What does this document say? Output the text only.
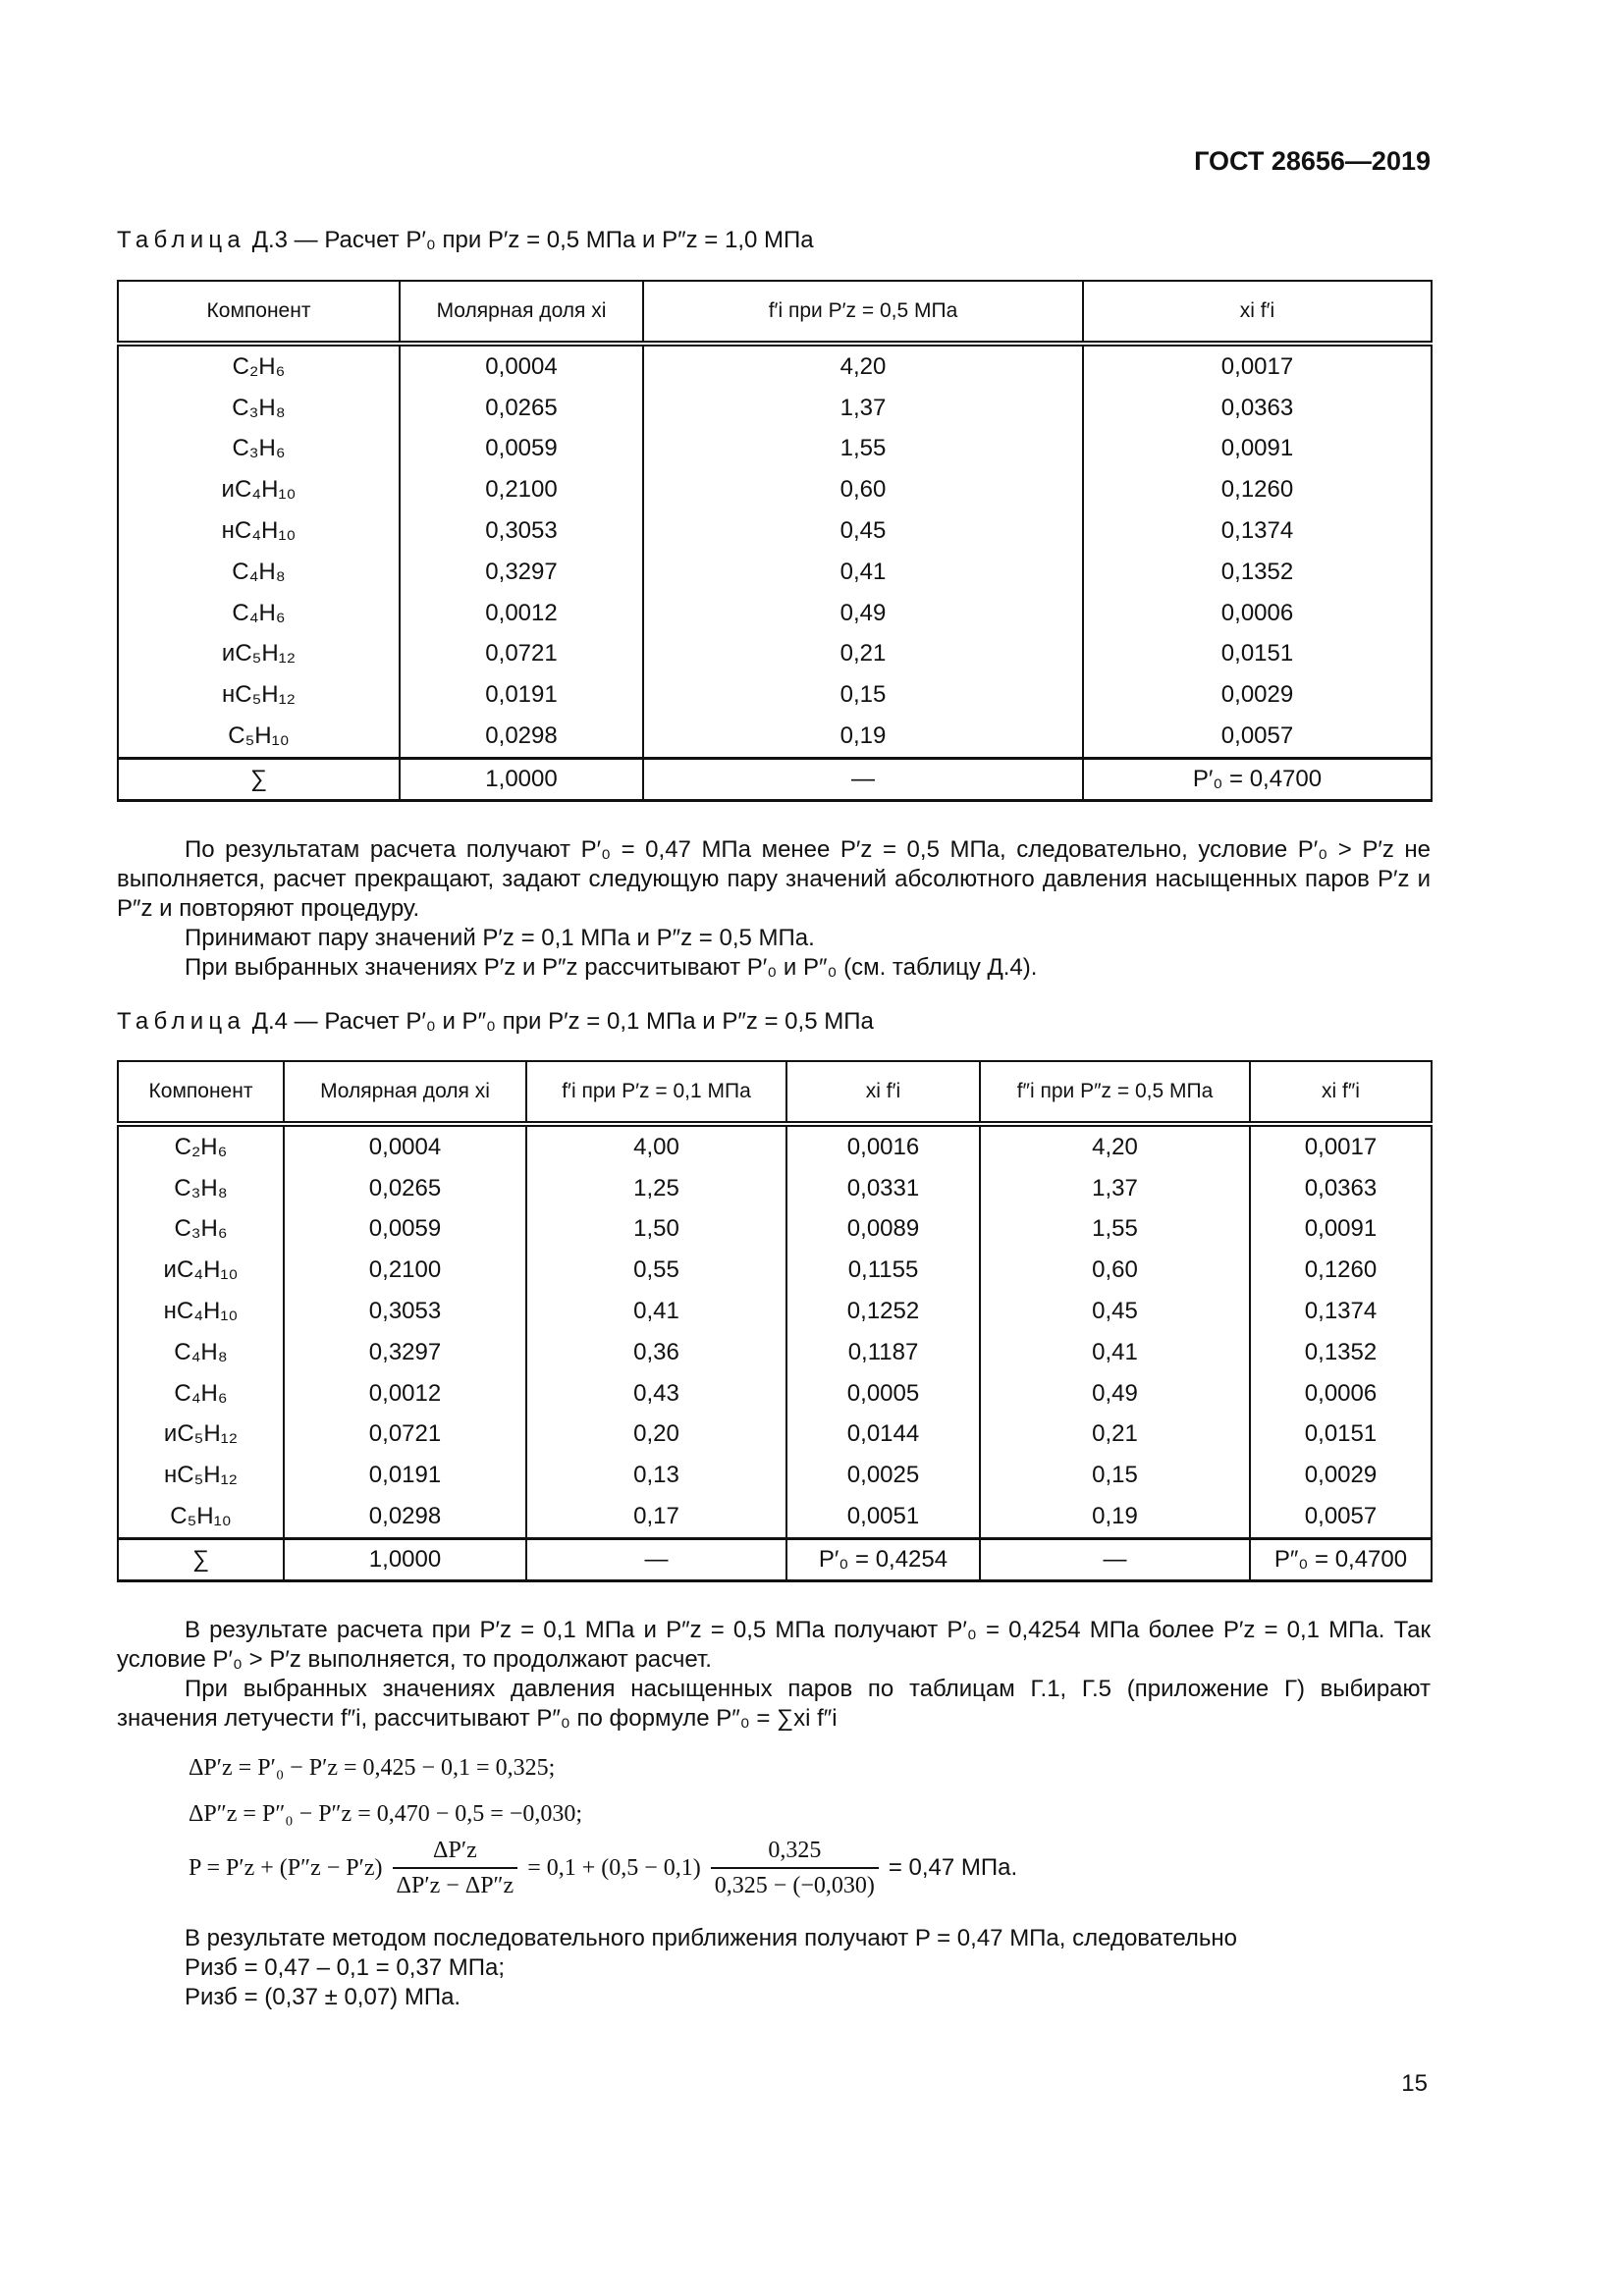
ГОСТ 28656—2019
Таблица Д.3 — Расчет P′₀ при P′z = 0,5 МПа и P″z = 1,0 МПа
Компонент	Молярная доля xi	f′i при P′z = 0,5 МПа	xi f′i
C₂H₆	0,0004	4,20	0,0017
C₃H₈	0,0265	1,37	0,0363
C₃H₆	0,0059	1,55	0,0091
иC₄H₁₀	0,2100	0,60	0,1260
нC₄H₁₀	0,3053	0,45	0,1374
C₄H₈	0,3297	0,41	0,1352
C₄H₆	0,0012	0,49	0,0006
иC₅H₁₂	0,0721	0,21	0,0151
нC₅H₁₂	0,0191	0,15	0,0029
C₅H₁₀	0,0298	0,19	0,0057
∑	1,0000	—	P′₀ = 0,4700
По результатам расчета получают P′₀ = 0,47 МПа менее P′z = 0,5 МПа, следовательно, условие P′₀ > P′z не выполняется, расчет прекращают, задают следующую пару значений абсолютного давления насыщенных паров P′z и P″z и повторяют процедуру.
Принимают пару значений P′z = 0,1 МПа и P″z = 0,5 МПа.
При выбранных значениях P′z и P″z рассчитывают P′₀ и P″₀ (см. таблицу Д.4).
Таблица Д.4 — Расчет P′₀ и P″₀ при P′z = 0,1 МПа и P″z = 0,5 МПа
Компонент	Молярная доля xi	f′i при P′z = 0,1 МПа	xi f′i	f″i при P″z = 0,5 МПа	xi f″i
C₂H₆	0,0004	4,00	0,0016	4,20	0,0017
C₃H₈	0,0265	1,25	0,0331	1,37	0,0363
C₃H₆	0,0059	1,50	0,0089	1,55	0,0091
иC₄H₁₀	0,2100	0,55	0,1155	0,60	0,1260
нC₄H₁₀	0,3053	0,41	0,1252	0,45	0,1374
C₄H₈	0,3297	0,36	0,1187	0,41	0,1352
C₄H₆	0,0012	0,43	0,0005	0,49	0,0006
иC₅H₁₂	0,0721	0,20	0,0144	0,21	0,0151
нC₅H₁₂	0,0191	0,13	0,0025	0,15	0,0029
C₅H₁₀	0,0298	0,17	0,0051	0,19	0,0057
∑	1,0000	—	P′₀ = 0,4254	—	P″₀ = 0,4700
В результате расчета при P′z = 0,1 МПа и P″z = 0,5 МПа получают P′₀ = 0,4254 МПа более P′z = 0,1 МПа. Так условие P′₀ > P′z выполняется, то продолжают расчет.
При выбранных значениях давления насыщенных паров по таблицам Г.1, Г.5 (приложение Г) выбирают значения летучести f″i, рассчитывают P″₀ по формуле P″₀ = ∑xi f″i
ΔP′z = P′₀ − P′z = 0,425 − 0,1 = 0,325;
ΔP″z = P″₀ − P″z = 0,470 − 0,5 = −0,030;
$P = P'z + (P''z - P'z) \frac{\Delta P'z}{\Delta P'z - \Delta P''z} = 0,1 + (0,5 - 0,1) \frac{0,325}{0,325 - (-0,030)} = 0,47$ МПа.
В результате методом последовательного приближения получают P = 0,47 МПа, следовательно
Pизб = 0,47 – 0,1 = 0,37 МПа;
Pизб = (0,37 ± 0,07) МПа.
15
